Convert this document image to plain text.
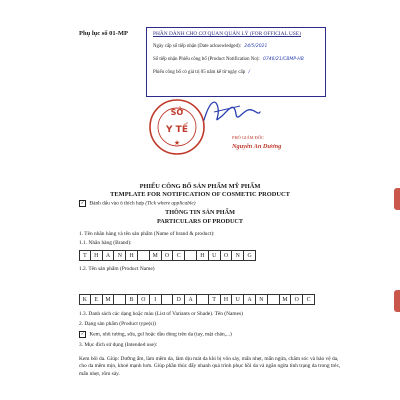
Phụ lục số 01-MP	PHẦN DÀNH CHO CƠ QUAN QUẢN LÝ (FOR OFFICIAL USE)
Ngày cấp số tiếp nhận (Date acknowledged): 24/5/2021
Số tiếp nhận Phiếu công bố (Product Notification No): 0746/21/CBMP-HB
Phiếu công bố có giá trị 05 năm kể từ ngày cấp /
SỞ
Y TẾ
★
PHÓ GIÁM ĐỐC
Nguyễn An Dương
PHIẾU CÔNG BỐ SẢN PHẨM MỸ PHẨM
TEMPLATE FOR NOTIFICATION OF COSMETIC PRODUCT
✓ Đánh dấu vào ô thích hợp (Tick where applicable)
THÔNG TIN SẢN PHẨM
PARTICULARS OF PRODUCT
1. Tên nhãn hàng và tên sản phẩm (Name of brand & product):
1.1. Nhãn hàng (Brand):
T	H	A	N	H	M	O	C	H	U	O	N	G
1.2. Tên sản phẩm (Product Name)
K	E	M	B	O	I	D	A	T	H	U	A	N	M	O	C
1.3. Danh sách các dạng hoặc màu (List of Variants or Shade). Tên (Names)
2. Dạng sản phẩm (Product type(s))
✓ Kem, nhũ tương, sữa, gel hoặc dầu dùng trên da (tay, mặt chân,...)
3. Mục đích sử dụng (Intended use):
Kem bôi da. Giúp: Dưỡng ẩm, làm mềm da, làm dịu mát da khi bị vôn sảy, mẩn nhẹt, mẩn ngứa, chăm sóc và bảo vệ da, cho da mềm mịn, khoẻ mạnh hơn. Giúp phần thúc đẩy nhanh quá trình phục hồi da và ngăn ngừa tình trạng da trong trẻc, mẩn nhẹt, rôm sảy.
